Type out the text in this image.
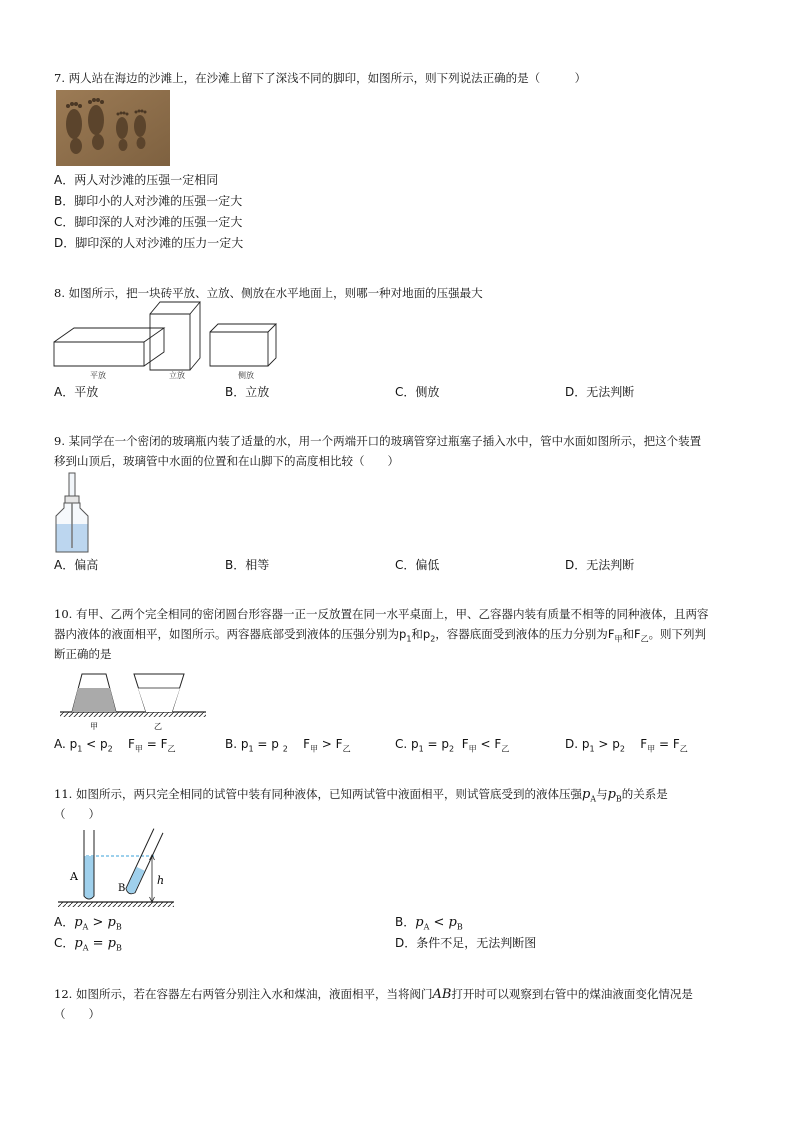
7. 两人站在海边的沙滩上，在沙滩上留下了深浅不同的脚印，如图所示，则下列说法正确的是（　　　）
A．两人对沙滩的压强一定相同
B．脚印小的人对沙滩的压强一定大
C．脚印深的人对沙滩的压强一定大
D．脚印深的人对沙滩的压力一定大
8. 如图所示，把一块砖平放、立放、侧放在水平地面上，则哪一种对地面的压强最大
平放	立放	侧放
A．平放	B．立放	C．侧放	D．无法判断
9. 某同学在一个密闭的玻璃瓶内装了适量的水，用一个两端开口的玻璃管穿过瓶塞子插入水中，管中水面如图所示，把这个装置
移到山顶后，玻璃管中水面的位置和在山脚下的高度相比较（　　）
A．偏高	B．相等	C．偏低	D．无法判断
10. 有甲、乙两个完全相同的密闭圆台形容器一正一反放置在同一水平桌面上，甲、乙容器内装有质量不相等的同种液体，且两容
器内液体的液面相平，如图所示。两容器底部受到液体的压强分别为$p_1$和$p_2$，容器底面受到液体的压力分别为$F_甲$和$F_乙$。则下列判
断正确的是
甲	乙
A. $p_1 < p_2$ $F_甲 = F_乙$	B. $p_1 = p$ $_2$ $F_甲 > F_乙$	C. $p_1 = p_2$ $F_甲 < F_乙$	D. $p_1 > p_2$ $F_甲 = F_乙$
11. 如图所示，两只完全相同的试管中装有同种液体，已知两试管中液面相平，则试管底受到的液体压强$p_A$与$p_B$的关系是
（　　）
A
B
h
A．$p_A > p_B$	B．$p_A < p_B$
C．$p_A = p_B$	D．条件不足，无法判断图
12. 如图所示，若在容器左右两管分别注入水和煤油，液面相平，当将阀门AB打开时可以观察到右管中的煤油液面变化情况是
（　　）
